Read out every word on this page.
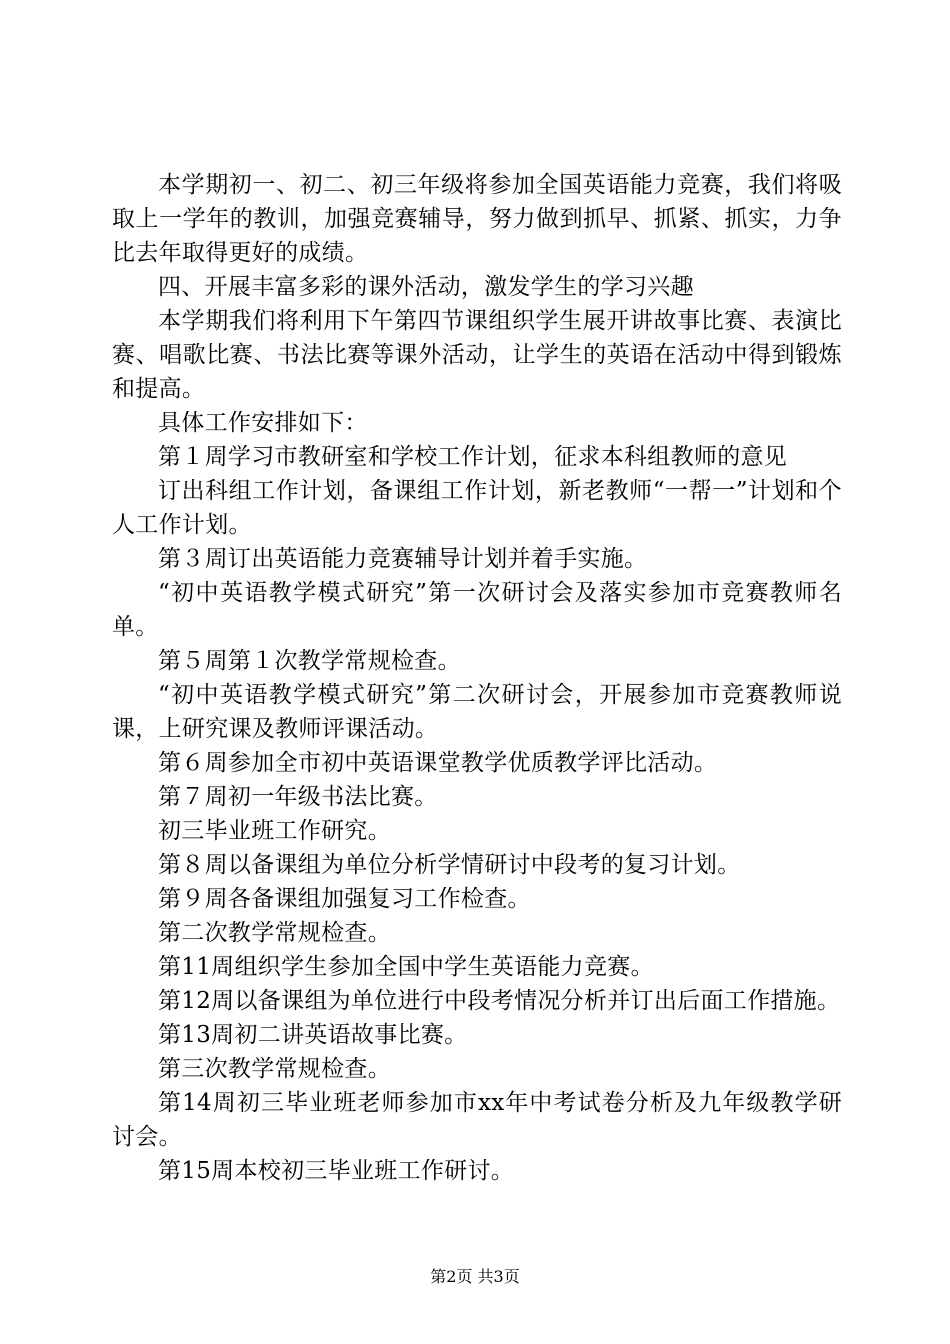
本学期初一、初二、初三年级将参加全国英语能力竞赛，我们将吸取上一学年的教训，加强竞赛辅导，努力做到抓早、抓紧、抓实，力争比去年取得更好的成绩。

四、开展丰富多彩的课外活动，激发学生的学习兴趣

本学期我们将利用下午第四节课组织学生展开讲故事比赛、表演比赛、唱歌比赛、书法比赛等课外活动，让学生的英语在活动中得到锻炼和提高。

具体工作安排如下：

第１周学习市教研室和学校工作计划，征求本科组教师的意见

订出科组工作计划，备课组工作计划，新老教师“一帮一”计划和个人工作计划。

第３周订出英语能力竞赛辅导计划并着手实施。

“初中英语教学模式研究”第一次研讨会及落实参加市竞赛教师名单。

第５周第１次教学常规检查。

“初中英语教学模式研究”第二次研讨会，开展参加市竞赛教师说课，上研究课及教师评课活动。

第６周参加全市初中英语课堂教学优质教学评比活动。

第７周初一年级书法比赛。

初三毕业班工作研究。

第８周以备课组为单位分析学情研讨中段考的复习计划。

第９周各备课组加强复习工作检查。

第二次教学常规检查。

第11周组织学生参加全国中学生英语能力竞赛。

第12周以备课组为单位进行中段考情况分析并订出后面工作措施。

第13周初二讲英语故事比赛。

第三次教学常规检查。

第14周初三毕业班老师参加市xx年中考试卷分析及九年级教学研讨会。

第15周本校初三毕业班工作研讨。

第2页 共3页
